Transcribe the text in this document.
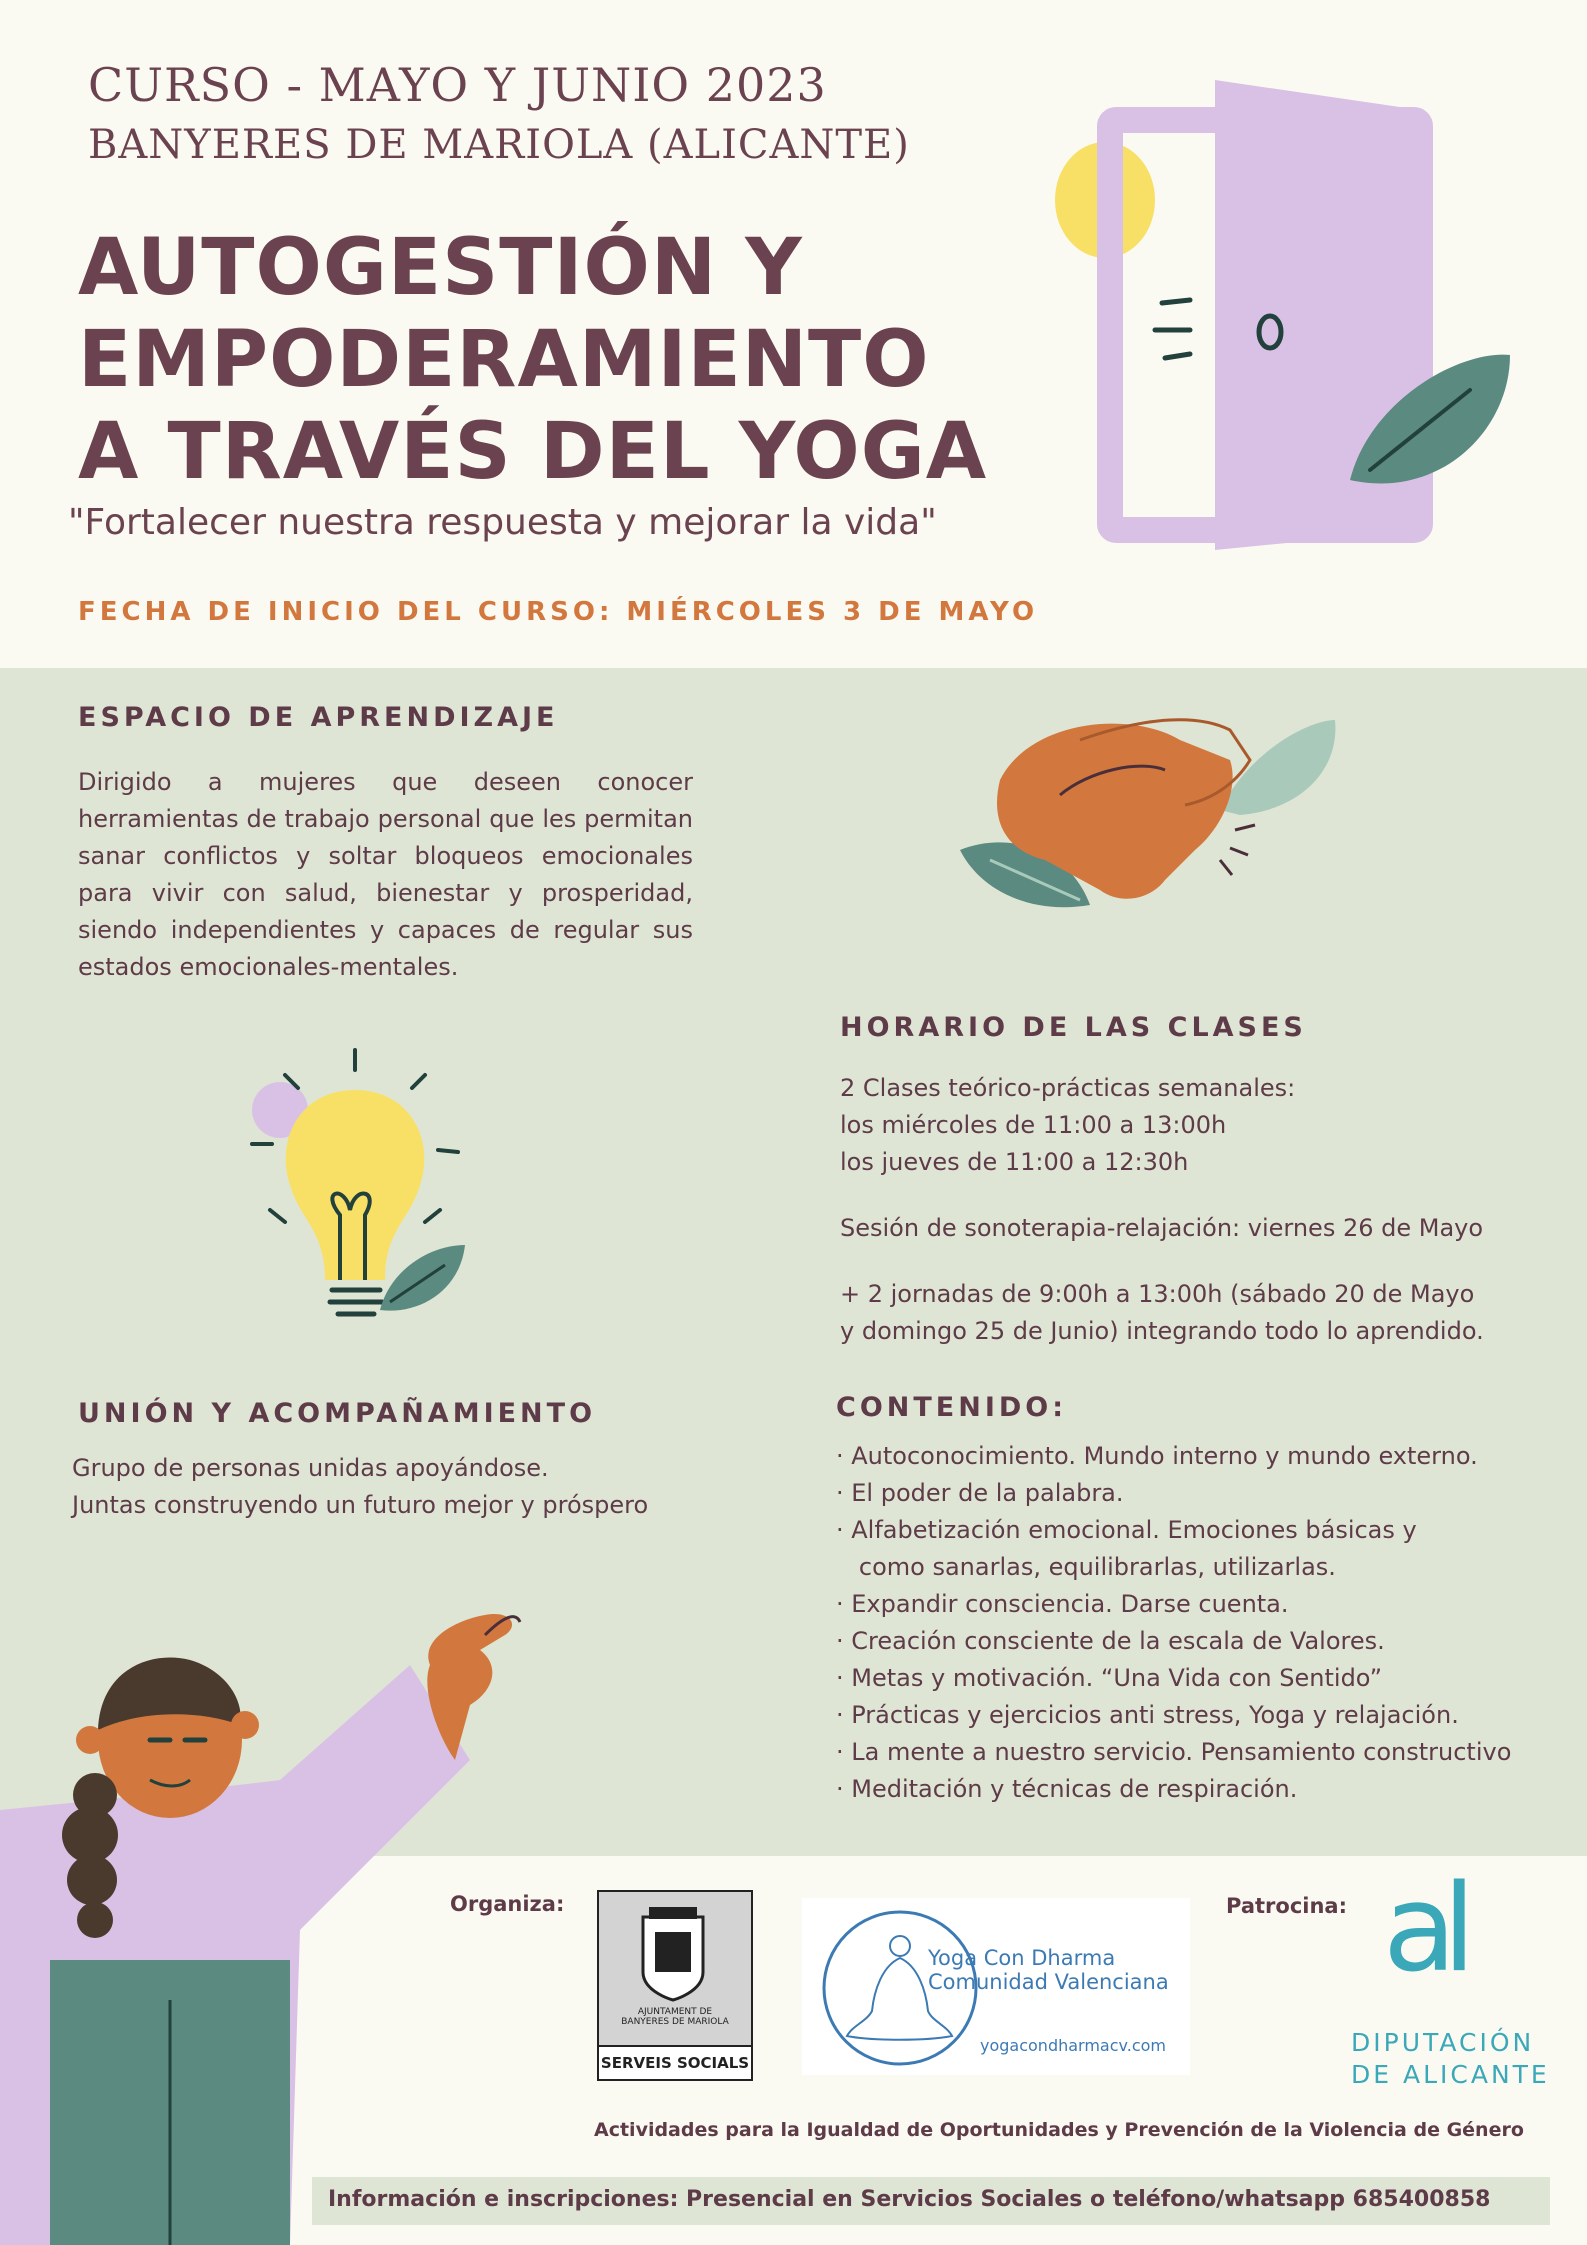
CURSO - MAYO Y JUNIO 2023
BANYERES DE MARIOLA (ALICANTE)
AUTOGESTIÓN Y
EMPODERAMIENTO
A TRAVÉS DEL YOGA
"Fortalecer nuestra respuesta y mejorar la vida"
FECHA DE INICIO DEL CURSO: MIÉRCOLES 3 DE MAYO
ESPACIO DE APRENDIZAJE
Dirigido a mujeres que deseen conocer
herramientas de trabajo personal que les permitan
sanar conflictos y soltar bloqueos emocionales
para vivir con salud, bienestar y prosperidad,
siendo independientes y capaces de regular sus
estados emocionales-mentales.
HORARIO DE LAS CLASES
2 Clases teórico-prácticas semanales:
los miércoles de 11:00 a 13:00h
los jueves de 11:00 a 12:30h
Sesión de sonoterapia-relajación: viernes 26 de Mayo
+ 2 jornadas de 9:00h a 13:00h (sábado 20 de Mayo
y domingo 25 de Junio) integrando todo lo aprendido.
UNIÓN Y ACOMPAÑAMIENTO
Grupo de personas unidas apoyándose.
Juntas construyendo un futuro mejor y próspero
CONTENIDO:
· Autoconocimiento. Mundo interno y mundo externo.
· El poder de la palabra.
· Alfabetización emocional. Emociones básicas y
como sanarlas, equilibrarlas, utilizarlas.
· Expandir consciencia. Darse cuenta.
· Creación consciente de la escala de Valores.
· Metas y motivación. “Una Vida con Sentido”
· Prácticas y ejercicios anti stress, Yoga y relajación.
· La mente a nuestro servicio. Pensamiento constructivo
· Meditación y técnicas de respiración.
Organiza:	Patrocina:
AJUNTAMENT DE
BANYERES DE MARIOLA
SERVEIS SOCIALS
Yoga Con Dharma
Comunidad Valenciana
yogacondharmacv.com
al
DIPUTACIÓN
DE ALICANTE
Actividades para la Igualdad de Oportunidades y Prevención de la Violencia de Género
Información e inscripciones: Presencial en Servicios Sociales o teléfono/whatsapp 685400858
